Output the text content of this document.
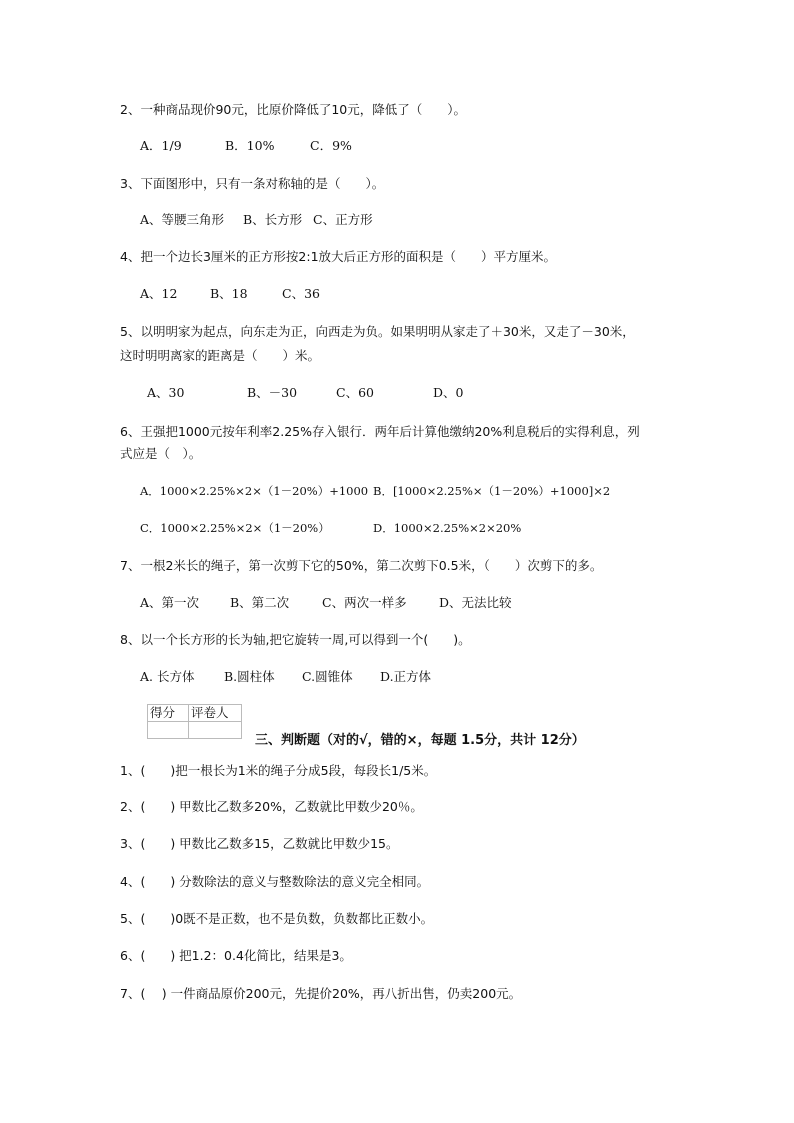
2、一种商品现价90元，比原价降低了10元，降低了（　　）。
A．1/9	B．10%	C．9%
3、下面图形中，只有一条对称轴的是（　　）。
A、等腰三角形 B、长方形 C、正方形
4、把一个边长3厘米的正方形按2:1放大后正方形的面积是（　　）平方厘米。
A、12	B、18	C、36
5、以明明家为起点，向东走为正，向西走为负。如果明明从家走了＋30米，又走了－30米，
这时明明离家的距离是（　　）米。
A、30	B、－30	C、60	D、0
6、王强把1000元按年利率2.25%存入银行．两年后计算他缴纳20%利息税后的实得利息，列
式应是（　）。
A．1000×2.25%×2×（1－20%）+1000 B．[1000×2.25%×（1－20%）+1000]×2
C．1000×2.25%×2×（1－20%）	D．1000×2.25%×2×20%
7、一根2米长的绳子，第一次剪下它的50%，第二次剪下0.5米，（　　）次剪下的多。
A、第一次 B、第二次	C、两次一样多	D、无法比较
8、以一个长方形的长为轴,把它旋转一周,可以得到一个(　　)。
A. 长方体 B.圆柱体 C.圆锥体 D.正方体
得分	评卷人

三、判断题（对的√，错的×，每题 1.5分，共计 12分）
1、(　　)把一根长为1米的绳子分成5段，每段长1/5米。
2、(　　) 甲数比乙数多20%，乙数就比甲数少20％。
3、(　　) 甲数比乙数多15，乙数就比甲数少15。
4、(　　) 分数除法的意义与整数除法的意义完全相同。
5、(　　)0既不是正数，也不是负数，负数都比正数小。
6、(　　) 把1.2：0.4化简比，结果是3。
7、(　 ) 一件商品原价200元，先提价20%，再八折出售，仍卖200元。
